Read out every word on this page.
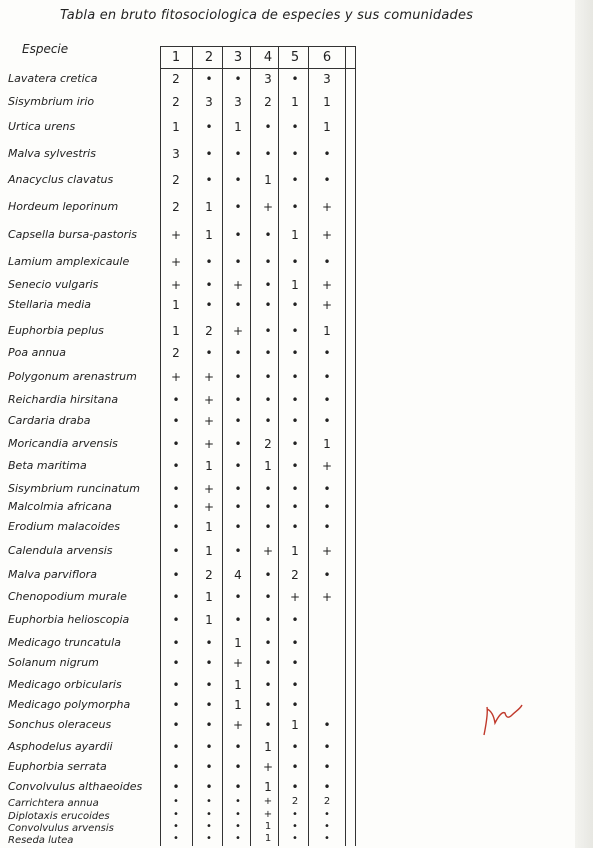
Tabla en bruto fitosociologica de especies y sus comunidades
Especie
1	2	3	4	5	6
Lavatera cretica	2	•	•	3	•	3
Sisymbrium irio	2	3	3	2	1	1
Urtica urens	1	•	1	•	•	1
Malva sylvestris	3	•	•	•	•	•
Anacyclus clavatus	2	•	•	1	•	•
Hordeum leporinum	2	1	•	+	•	+
Capsella bursa-pastoris	+	1	•	•	1	+
Lamium amplexicaule	+	•	•	•	•	•
Senecio vulgaris	+	•	+	•	1	+
Stellaria media	1	•	•	•	•	+
Euphorbia peplus	1	2	+	•	•	1
Poa annua	2	•	•	•	•	•
Polygonum arenastrum	+	+	•	•	•	•
Reichardia hirsitana	•	+	•	•	•	•
Cardaria draba	•	+	•	•	•	•
Moricandia arvensis	•	+	•	2	•	1
Beta maritima	•	1	•	1	•	+
Sisymbrium runcinatum	•	+	•	•	•	•
Malcolmia africana	•	+	•	•	•	•
Erodium malacoides	•	1	•	•	•	•
Calendula arvensis	•	1	•	+	1	+
Malva parviflora	•	2	4	•	2	•
Chenopodium murale	•	1	•	•	+	+
Euphorbia helioscopia	•	1	•	•	•
Medicago truncatula	•	•	1	•	•
Solanum nigrum	•	•	+	•	•
Medicago orbicularis	•	•	1	•	•
Medicago polymorpha	•	•	1	•	•
Sonchus oleraceus	•	•	+	•	1	•
Asphodelus ayardii	•	•	•	1	•	•
Euphorbia serrata	•	•	•	+	•	•
Convolvulus althaeoides	•	•	•	1	•	•
Carrichtera annua	•	•	•	+	2	2
Diplotaxis erucoides	•	•	•	+	•	•
Convolvulus arvensis	•	•	•	1	•	•
Reseda lutea	•	•	•	1	•	•
